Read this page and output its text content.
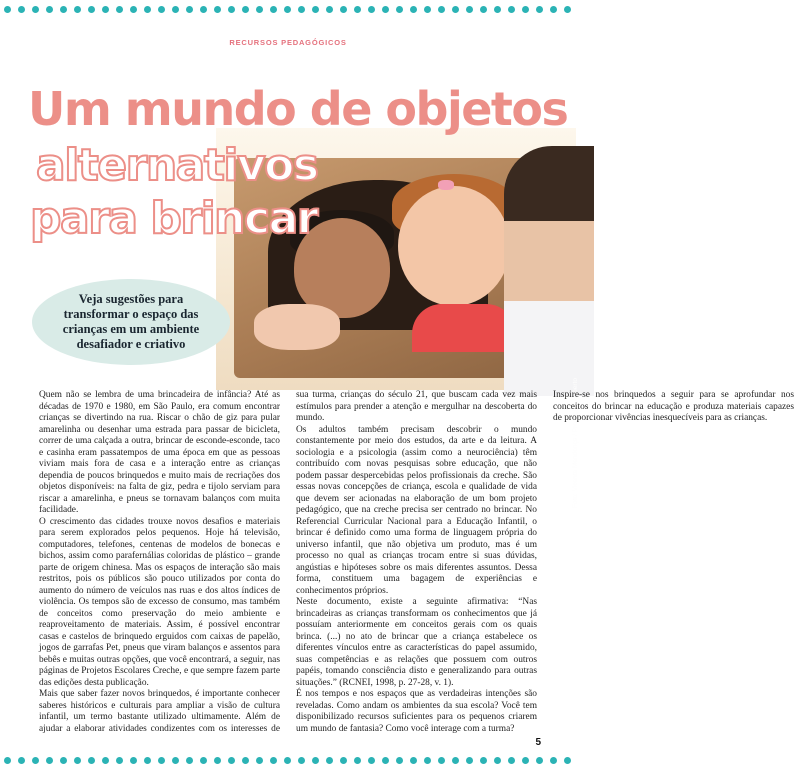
RECURSOS PEDAGÓGICOS
Foto: Vicente Mendonça / Produção: Gilberto
Um mundo de objetos
alternativos
para brincar
Veja sugestões para transformar o espaço das crianças em um ambiente desafiador e criativo

Quem não se lembra de uma brincadeira de infância? Até as décadas de 1970 e 1980, em São Paulo, era comum encontrar crianças se divertindo na rua. Riscar o chão de giz para pular amarelinha ou desenhar uma estrada para passar de bicicleta, correr de uma calçada a outra, brincar de esconde-esconde, taco e casinha eram passatempos de uma época em que as pessoas viviam mais fora de casa e a interação entre as crianças dependia de poucos brinquedos e muito mais de recriações dos objetos disponíveis: na falta de giz, pedra e tijolo serviam para riscar a amarelinha, e pneus se tornavam balanços com muita facilidade.

O crescimento das cidades trouxe novos desafios e materiais para serem explorados pelos pequenos. Hoje há televisão, computadores, telefones, centenas de modelos de bonecas e bichos, assim como parafernálias coloridas de plástico – grande parte de origem chinesa. Mas os espaços de interação são mais restritos, pois os públicos são pouco utilizados por conta do aumento do número de veículos nas ruas e dos altos índices de violência. Os tempos são de excesso de consumo, mas também de conceitos como preservação do meio ambiente e reaproveitamento de materiais. Assim, é possível encontrar casas e castelos de brinquedo erguidos com caixas de papelão, jogos de garrafas Pet, pneus que viram balanços e assentos para bebês e muitas outras opções, que você encontrará, a seguir, nas páginas de Projetos Escolares Creche, e que sempre fazem parte das edições desta publicação.

Mais que saber fazer novos brinquedos, é importante conhecer saberes históricos e culturais para ampliar a visão de cultura infantil, um termo bastante utilizado ultimamente. Além de ajudar a elaborar atividades condizentes com os interesses de sua turma, crianças do século 21, que buscam cada vez mais estímulos para prender a atenção e mergulhar na descoberta do mundo.

Os adultos também precisam descobrir o mundo constantemente por meio dos estudos, da arte e da leitura. A sociologia e a psicologia (assim como a neurociência) têm contribuído com novas pesquisas sobre educação, que não podem passar despercebidas pelos profissionais da creche. São essas novas concepções de criança, escola e qualidade de vida que devem ser acionadas na elaboração de um bom projeto pedagógico, que na creche precisa ser centrado no brincar. No Referencial Curricular Nacional para a Educação Infantil, o brincar é definido como uma forma de linguagem própria do universo infantil, que não objetiva um produto, mas é um processo no qual as crianças trocam entre si suas dúvidas, angústias e hipóteses sobre os mais diferentes assuntos. Dessa forma, constituem uma bagagem de experiências e conhecimentos próprios.

Neste documento, existe a seguinte afirmativa: “Nas brincadeiras as crianças transformam os conhecimentos que já possuíam anteriormente em conceitos gerais com os quais brinca. (...) no ato de brincar que a criança estabelece os diferentes vínculos entre as características do papel assumido, suas competências e as relações que possuem com outros papéis, tomando consciência disto e generalizando para outras situações.” (RCNEI, 1998, p. 27-28, v. 1).

É nos tempos e nos espaços que as verdadeiras intenções são reveladas. Como andam os ambientes da sua escola? Você tem disponibilizado recursos suficientes para os pequenos criarem um mundo de fantasia? Como você interage com a turma?

Inspire-se nos brinquedos a seguir para se aprofundar nos conceitos do brincar na educação e produza materiais capazes de proporcionar vivências inesquecíveis para as crianças.

5
